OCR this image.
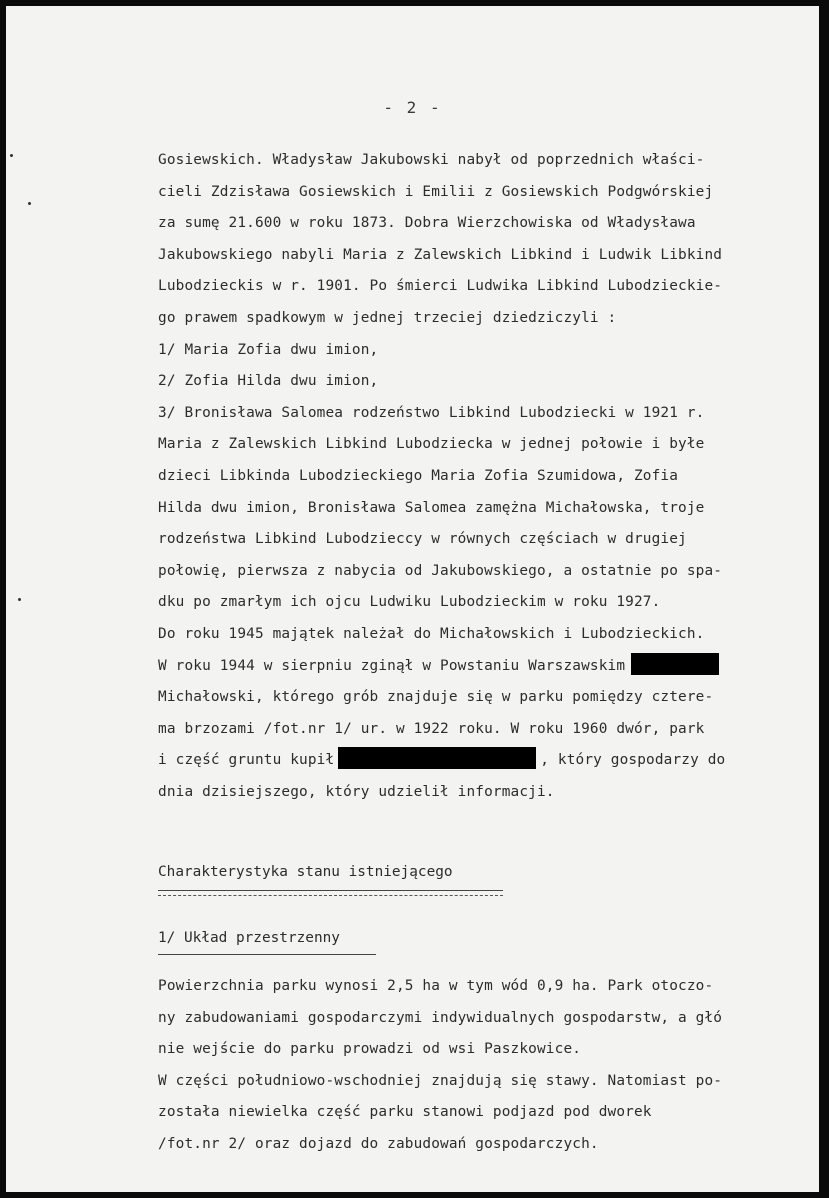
- 2 -
Gosiewskich. Władysław Jakubowski nabył od poprzednich właści-
cieli Zdzisława Gosiewskich i Emilii z Gosiewskich Podgwórskiej
za sumę 21.600 w roku 1873. Dobra Wierzchowiska od Władysława
Jakubowskiego nabyli Maria z Zalewskich Libkind i Ludwik Libkind
Lubodzieckis w r. 1901. Po śmierci Ludwika Libkind Lubodzieckie-
go prawem spadkowym w jednej trzeciej dziedziczyli :
1/ Maria Zofia dwu imion,
2/ Zofia Hilda dwu imion,
3/ Bronisława Salomea rodzeństwo Libkind Lubodziecki w 1921 r.
Maria z Zalewskich Libkind Lubodziecka w jednej połowie i byłe
dzieci Libkinda Lubodzieckiego Maria Zofia Szumidowa, Zofia
Hilda dwu imion, Bronisława Salomea zamężna Michałowska, troje
rodzeństwa Libkind Lubodzieccy w równych częściach w drugiej
połowię, pierwsza z nabycia od Jakubowskiego, a ostatnie po spa-
dku po zmarłym ich ojcu Ludwiku Lubodzieckim w roku 1927.
Do roku 1945 majątek należał do Michałowskich i Lubodzieckich.
W roku 1944 w sierpniu zginął w Powstaniu Warszawskim
Michałowski, którego grób znajduje się w parku pomiędzy cztere-
ma brzozami /fot.nr 1/ ur. w 1922 roku. W roku 1960 dwór, park
i część gruntu kupił	, który gospodarzy do
dnia dzisiejszego, który udzielił informacji.
Charakterystyka stanu istniejącego
1/ Układ przestrzenny
Powierzchnia parku wynosi 2,5 ha w tym wód 0,9 ha. Park otoczo-
ny zabudowaniami gospodarczymi indywidualnych gospodarstw, a głó
nie wejście do parku prowadzi od wsi Paszkowice.
W części południowo-wschodniej znajdują się stawy. Natomiast po-
została niewielka część parku stanowi podjazd pod dworek
/fot.nr 2/ oraz dojazd do zabudowań gospodarczych.
